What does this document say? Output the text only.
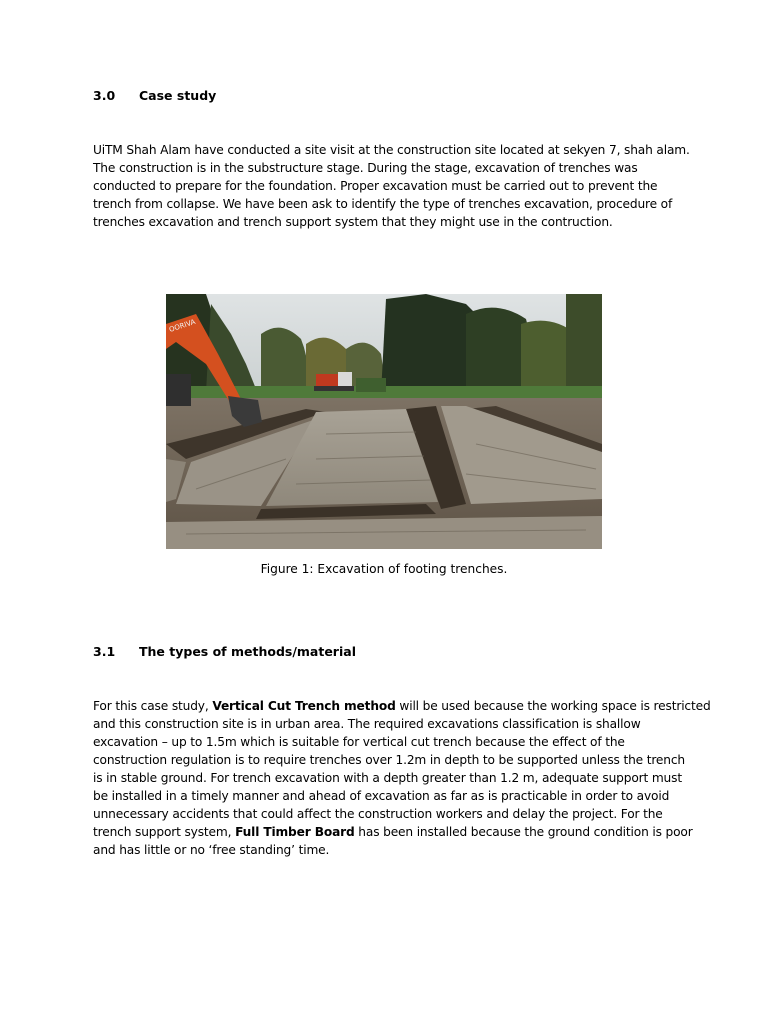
3.0 Case study
UiTM Shah Alam have conducted a site visit at the construction site located at sekyen 7, shah alam.
The construction is in the substructure stage. During the stage, excavation of trenches was
conducted to prepare for the foundation. Proper excavation must be carried out to prevent the
trench from collapse. We have been ask to identify the type of trenches excavation, procedure of
trenches excavation and trench support system that they might use in the contruction.
OORIVA
Figure 1: Excavation of footing trenches.
3.1 The types of methods/material
For this case study, Vertical Cut Trench method will be used because the working space is restricted
and this construction site is in urban area. The required excavations classification is shallow
excavation – up to 1.5m which is suitable for vertical cut trench because the effect of the
construction regulation is to require trenches over 1.2m in depth to be supported unless the trench
is in stable ground. For trench excavation with a depth greater than 1.2 m, adequate support must
be installed in a timely manner and ahead of excavation as far as is practicable in order to avoid
unnecessary accidents that could affect the construction workers and delay the project. For the
trench support system, Full Timber Board has been installed because the ground condition is poor
and has little or no ‘free standing’ time.
